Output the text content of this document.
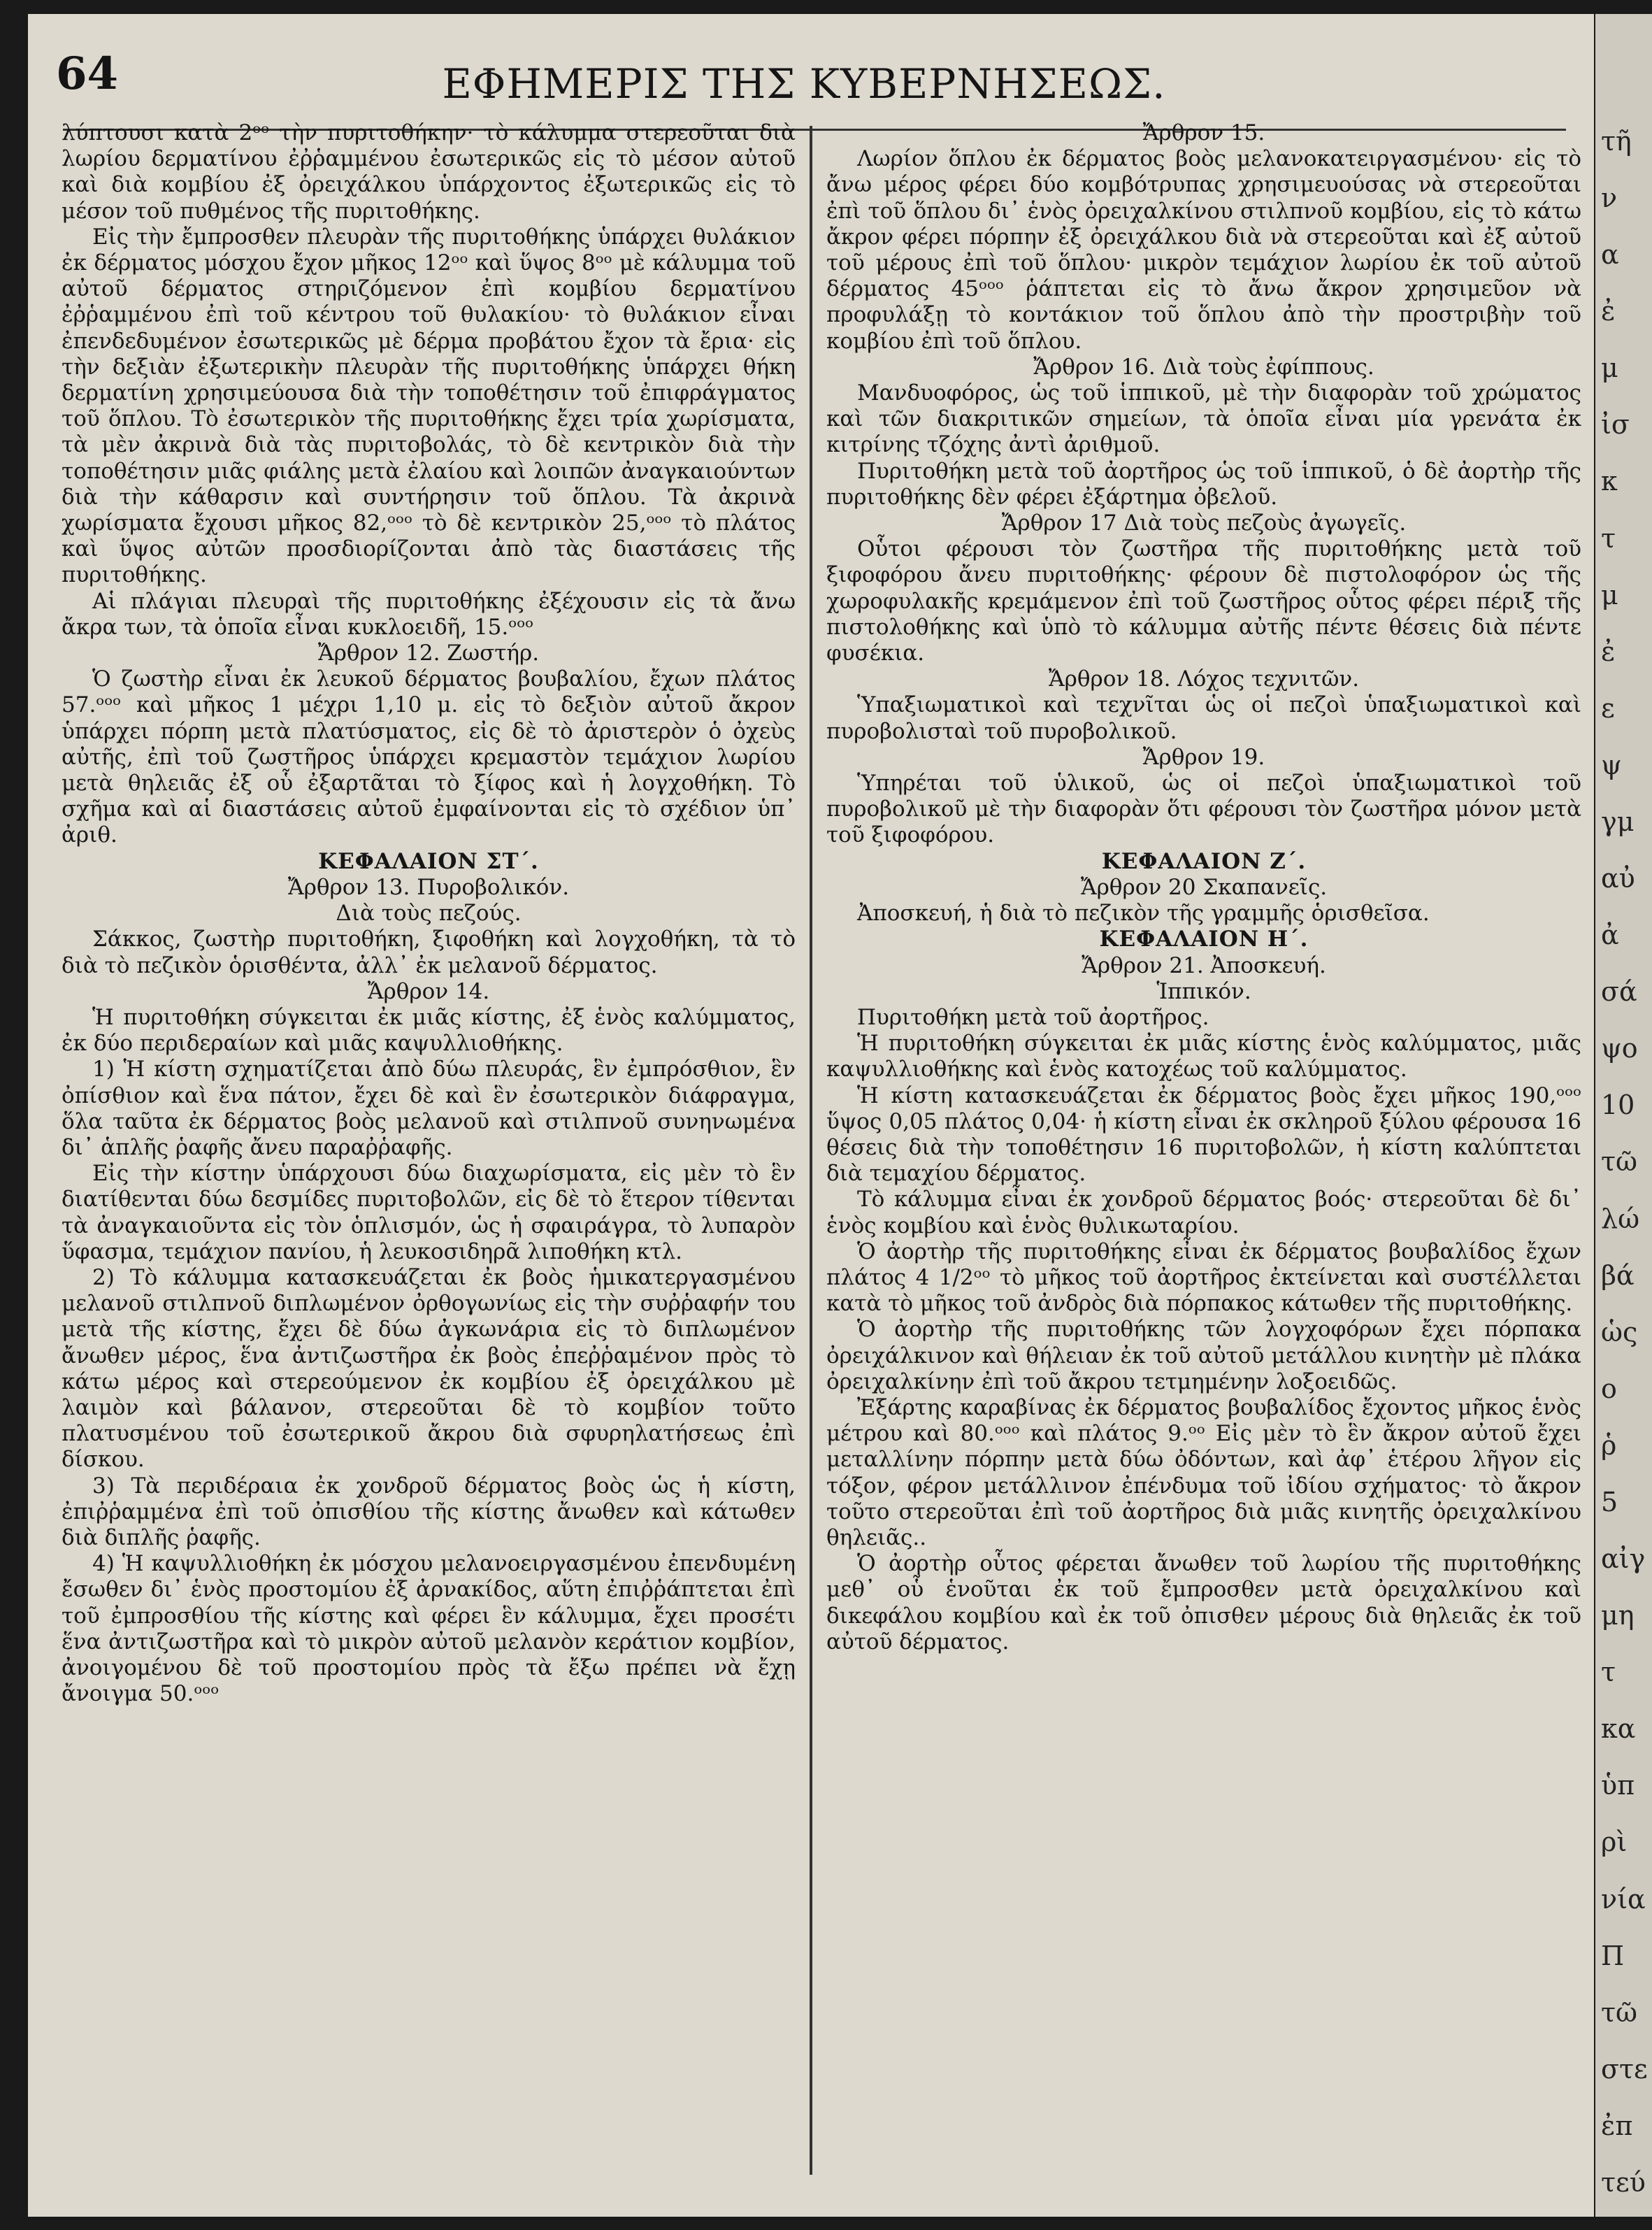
64	ΕΦΗΜΕΡΙΣ ΤΗΣ ΚΥΒΕΡΝΗΣΕΩΣ.

λύπτουσι κατὰ 2ᵒᵒ τὴν πυριτοθήκην· τὸ κάλυμμα στερεοῦται διὰ λωρίου δερματίνου ἐῤῥαμμένου ἐσωτερικῶς εἰς τὸ μέσον αὐτοῦ καὶ διὰ κομβίου ἐξ ὀρειχάλκου ὑπάρχοντος ἐξωτερικῶς εἰς τὸ μέσον τοῦ πυθμένος τῆς πυριτοθήκης.

Εἰς τὴν ἔμπροσθεν πλευρὰν τῆς πυριτοθήκης ὑπάρχει θυλάκιον ἐκ δέρματος μόσχου ἔχον μῆκος 12ᵒᵒ καὶ ὕψος 8ᵒᵒ μὲ κάλυμμα τοῦ αὐτοῦ δέρματος στηριζόμενον ἐπὶ κομβίου δερματίνου ἐῤῥαμμένου ἐπὶ τοῦ κέντρου τοῦ θυλακίου· τὸ θυλάκιον εἶναι ἐπενδεδυμένον ἐσωτερικῶς μὲ δέρμα προβάτου ἔχον τὰ ἔρια· εἰς τὴν δεξιὰν ἐξωτερικὴν πλευρὰν τῆς πυριτοθήκης ὑπάρχει θήκη δερματίνη χρησιμεύουσα διὰ τὴν τοποθέτησιν τοῦ ἐπιφράγματος τοῦ ὅπλου. Τὸ ἐσωτερικὸν τῆς πυριτοθήκης ἔχει τρία χωρίσματα, τὰ μὲν ἀκρινὰ διὰ τὰς πυριτοβολάς, τὸ δὲ κεντρικὸν διὰ τὴν τοποθέτησιν μιᾶς φιάλης μετὰ ἐλαίου καὶ λοιπῶν ἀναγκαιούντων διὰ τὴν κάθαρσιν καὶ συντήρησιν τοῦ ὅπλου. Τὰ ἀκρινὰ χωρίσματα ἔχουσι μῆκος 82,ᵒᵒᵒ τὸ δὲ κεντρικὸν 25,ᵒᵒᵒ τὸ πλάτος καὶ ὕψος αὐτῶν προσδιορίζονται ἀπὸ τὰς διαστάσεις τῆς πυριτοθήκης.

Αἱ πλάγιαι πλευραὶ τῆς πυριτοθήκης ἐξέχουσιν εἰς τὰ ἄνω ἄκρα των, τὰ ὁποῖα εἶναι κυκλοειδῆ, 15.ᵒᵒᵒ

Ἄρθρον 12. Ζωστήρ.

Ὁ ζωστὴρ εἶναι ἐκ λευκοῦ δέρματος βουβαλίου, ἔχων πλάτος 57.ᵒᵒᵒ καὶ μῆκος 1 μέχρι 1,10 μ. εἰς τὸ δεξιὸν αὐτοῦ ἄκρον ὑπάρχει πόρπη μετὰ πλατύσματος, εἰς δὲ τὸ ἀριστερὸν ὁ ὀχεὺς αὐτῆς, ἐπὶ τοῦ ζωστῆρος ὑπάρχει κρεμαστὸν τεμάχιον λωρίου μετὰ θηλειᾶς ἐξ οὗ ἐξαρτᾶται τὸ ξίφος καὶ ἡ λογχοθήκη. Τὸ σχῆμα καὶ αἱ διαστάσεις αὐτοῦ ἐμφαίνονται εἰς τὸ σχέδιον ὑπ᾽ ἀριθ.

ΚΕΦΑΛΑΙΟΝ ΣΤ´.

Ἄρθρον 13. Πυροβολικόν.

Διὰ τοὺς πεζούς.

Σάκκος, ζωστὴρ πυριτοθήκη, ξιφοθήκη καὶ λογχοθήκη, τὰ τὸ διὰ τὸ πεζικὸν ὁρισθέντα, ἀλλ᾽ ἐκ μελανοῦ δέρματος.

Ἄρθρον 14.

Ἡ πυριτοθήκη σύγκειται ἐκ μιᾶς κίστης, ἐξ ἑνὸς καλύμματος, ἐκ δύο περιδεραίων καὶ μιᾶς καψυλλιοθήκης.

1) Ἡ κίστη σχηματίζεται ἀπὸ δύω πλευράς, ἓν ἐμπρόσθιον, ἓν ὀπίσθιον καὶ ἕνα πάτον, ἔχει δὲ καὶ ἓν ἐσωτερικὸν διάφραγμα, ὅλα ταῦτα ἐκ δέρματος βοὸς μελανοῦ καὶ στιλπνοῦ συνηνωμένα δι᾽ ἁπλῆς ῥαφῆς ἄνευ παραῤῥαφῆς.

Εἰς τὴν κίστην ὑπάρχουσι δύω διαχωρίσματα, εἰς μὲν τὸ ἓν διατίθενται δύω δεσμίδες πυριτοβολῶν, εἰς δὲ τὸ ἕτερον τίθενται τὰ ἀναγκαιοῦντα εἰς τὸν ὁπλισμόν, ὡς ἡ σφαιράγρα, τὸ λυπαρὸν ὕφασμα, τεμάχιον πανίου, ἡ λευκοσιδηρᾶ λιποθήκη κτλ.

2) Τὸ κάλυμμα κατασκευάζεται ἐκ βοὸς ἡμικατεργασμένου μελανοῦ στιλπνοῦ διπλωμένον ὀρθογωνίως εἰς τὴν συῤῥαφήν του μετὰ τῆς κίστης, ἔχει δὲ δύω ἀγκωνάρια εἰς τὸ διπλωμένον ἄνωθεν μέρος, ἕνα ἀντιζωστῆρα ἐκ βοὸς ἐπεῤῥαμένον πρὸς τὸ κάτω μέρος καὶ στερεούμενον ἐκ κομβίου ἐξ ὀρειχάλκου μὲ λαιμὸν καὶ βάλανον, στερεοῦται δὲ τὸ κομβίον τοῦτο πλατυσμένου τοῦ ἐσωτερικοῦ ἄκρου διὰ σφυρηλατήσεως ἐπὶ δίσκου.

3) Τὰ περιδέραια ἐκ χονδροῦ δέρματος βοὸς ὡς ἡ κίστη, ἐπιῤῥαμμένα ἐπὶ τοῦ ὀπισθίου τῆς κίστης ἄνωθεν καὶ κάτωθεν διὰ διπλῆς ῥαφῆς.

4) Ἡ καψυλλιοθήκη ἐκ μόσχου μελανοειργασμένου ἐπενδυμένη ἔσωθεν δι᾽ ἑνὸς προστομίου ἐξ ἀρνακίδος, αὕτη ἐπιῤῥάπτεται ἐπὶ τοῦ ἐμπροσθίου τῆς κίστης καὶ φέρει ἓν κάλυμμα, ἔχει προσέτι ἕνα ἀντιζωστῆρα καὶ τὸ μικρὸν αὐτοῦ μελανὸν κεράτιον κομβίον, ἀνοιγομένου δὲ τοῦ προστομίου πρὸς τὰ ἔξω πρέπει νὰ ἔχῃ ἄνοιγμα 50.ᵒᵒᵒ

Ἄρθρον 15.

Λωρίον ὅπλου ἐκ δέρματος βοὸς μελανοκατειργασμένου· εἰς τὸ ἄνω μέρος φέρει δύο κομβότρυπας χρησιμευούσας νὰ στερεοῦται ἐπὶ τοῦ ὅπλου δι᾽ ἑνὸς ὀρειχαλκίνου στιλπνοῦ κομβίου, εἰς τὸ κάτω ἄκρον φέρει πόρπην ἐξ ὀρειχάλκου διὰ νὰ στερεοῦται καὶ ἐξ αὐτοῦ τοῦ μέρους ἐπὶ τοῦ ὅπλου· μικρὸν τεμάχιον λωρίου ἐκ τοῦ αὐτοῦ δέρματος 45ᵒᵒᵒ ῥάπτεται εἰς τὸ ἄνω ἄκρον χρησιμεῦον νὰ προφυλάξῃ τὸ κοντάκιον τοῦ ὅπλου ἀπὸ τὴν προστριβὴν τοῦ κομβίου ἐπὶ τοῦ ὅπλου.

Ἄρθρον 16. Διὰ τοὺς ἐφίππους.

Μανδυοφόρος, ὡς τοῦ ἱππικοῦ, μὲ τὴν διαφορὰν τοῦ χρώματος καὶ τῶν διακριτικῶν σημείων, τὰ ὁποῖα εἶναι μία γρενάτα ἐκ κιτρίνης τζόχης ἀντὶ ἀριθμοῦ.

Πυριτοθήκη μετὰ τοῦ ἀορτῆρος ὡς τοῦ ἱππικοῦ, ὁ δὲ ἀορτὴρ τῆς πυριτοθήκης δὲν φέρει ἐξάρτημα ὀβελοῦ.

Ἄρθρον 17 Διὰ τοὺς πεζοὺς ἀγωγεῖς.

Οὗτοι φέρουσι τὸν ζωστῆρα τῆς πυριτοθήκης μετὰ τοῦ ξιφοφόρου ἄνευ πυριτοθήκης· φέρουν δὲ πιστολοφόρον ὡς τῆς χωροφυλακῆς κρεμάμενον ἐπὶ τοῦ ζωστῆρος οὗτος φέρει πέριξ τῆς πιστολοθήκης καὶ ὑπὸ τὸ κάλυμμα αὐτῆς πέντε θέσεις διὰ πέντε φυσέκια.

Ἄρθρον 18. Λόχος τεχνιτῶν.

Ὑπαξιωματικοὶ καὶ τεχνῖται ὡς οἱ πεζοὶ ὑπαξιωματικοὶ καὶ πυροβολισταὶ τοῦ πυροβολικοῦ.

Ἄρθρον 19.

Ὑπηρέται τοῦ ὑλικοῦ, ὡς οἱ πεζοὶ ὑπαξιωματικοὶ τοῦ πυροβολικοῦ μὲ τὴν διαφορὰν ὅτι φέρουσι τὸν ζωστῆρα μόνον μετὰ τοῦ ξιφοφόρου.

ΚΕΦΑΛΑΙΟΝ Ζ´.

Ἄρθρον 20 Σκαπανεῖς.

Ἀποσκευή, ἡ διὰ τὸ πεζικὸν τῆς γραμμῆς ὁρισθεῖσα.

ΚΕΦΑΛΑΙΟΝ Η´.

Ἄρθρον 21. Ἀποσκευή.

Ἱππικόν.

Πυριτοθήκη μετὰ τοῦ ἀορτῆρος.

Ἡ πυριτοθήκη σύγκειται ἐκ μιᾶς κίστης ἑνὸς καλύμματος, μιᾶς καψυλλιοθήκης καὶ ἑνὸς κατοχέως τοῦ καλύμματος.

Ἡ κίστη κατασκευάζεται ἐκ δέρματος βοὸς ἔχει μῆκος 190,ᵒᵒᵒ ὕψος 0,05 πλάτος 0,04· ἡ κίστη εἶναι ἐκ σκληροῦ ξύλου φέρουσα 16 θέσεις διὰ τὴν τοποθέτησιν 16 πυριτοβολῶν, ἡ κίστη καλύπτεται διὰ τεμαχίου δέρματος.

Τὸ κάλυμμα εἶναι ἐκ χονδροῦ δέρματος βοός· στερεοῦται δὲ δι᾽ ἑνὸς κομβίου καὶ ἑνὸς θυλικωταρίου.

Ὁ ἀορτὴρ τῆς πυριτοθήκης εἶναι ἐκ δέρματος βουβαλίδος ἔχων πλάτος 4 1/2ᵒᵒ τὸ μῆκος τοῦ ἀορτῆρος ἐκτείνεται καὶ συστέλλεται κατὰ τὸ μῆκος τοῦ ἀνδρὸς διὰ πόρπακος κάτωθεν τῆς πυριτοθήκης.

Ὁ ἀορτὴρ τῆς πυριτοθήκης τῶν λογχοφόρων ἔχει πόρπακα ὀρειχάλκινον καὶ θήλειαν ἐκ τοῦ αὐτοῦ μετάλλου κινητὴν μὲ πλάκα ὀρειχαλκίνην ἐπὶ τοῦ ἄκρου τετμημένην λοξοειδῶς.

Ἐξάρτης καραβίνας ἐκ δέρματος βουβαλίδος ἔχοντος μῆκος ἑνὸς μέτρου καὶ 80.ᵒᵒᵒ καὶ πλάτος 9.ᵒᵒ Εἰς μὲν τὸ ἓν ἄκρον αὐτοῦ ἔχει μεταλλίνην πόρπην μετὰ δύω ὀδόντων, καὶ ἀφ᾽ ἑτέρου λῆγον εἰς τόξον, φέρον μετάλλινον ἐπένδυμα τοῦ ἰδίου σχήματος· τὸ ἄκρον τοῦτο στερεοῦται ἐπὶ τοῦ ἀορτῆρος διὰ μιᾶς κινητῆς ὀρειχαλκίνου θηλειᾶς..

Ὁ ἀορτὴρ οὗτος φέρεται ἄνωθεν τοῦ λωρίου τῆς πυριτοθήκης μεθ᾽ οὗ ἑνοῦται ἐκ τοῦ ἔμπροσθεν μετὰ ὀρειχαλκίνου καὶ δικεφάλου κομβίου καὶ ἐκ τοῦ ὀπισθεν μέρους διὰ θηλειᾶς ἐκ τοῦ αὐτοῦ δέρματος.

τῆ
ν
α
ἐ
μ
ἰσ
κ
τ
μ
ἐ
ε
ψ
γμ
αὐ
ἀ
σά
ψο
10
τῶ
λώ
βά
ὡς
ο
ῥ
5
αἰγ
μη
τ
κα
ὑπ
ρὶ
νία
Π
τῶ
στε
ἐπ
τεύ
